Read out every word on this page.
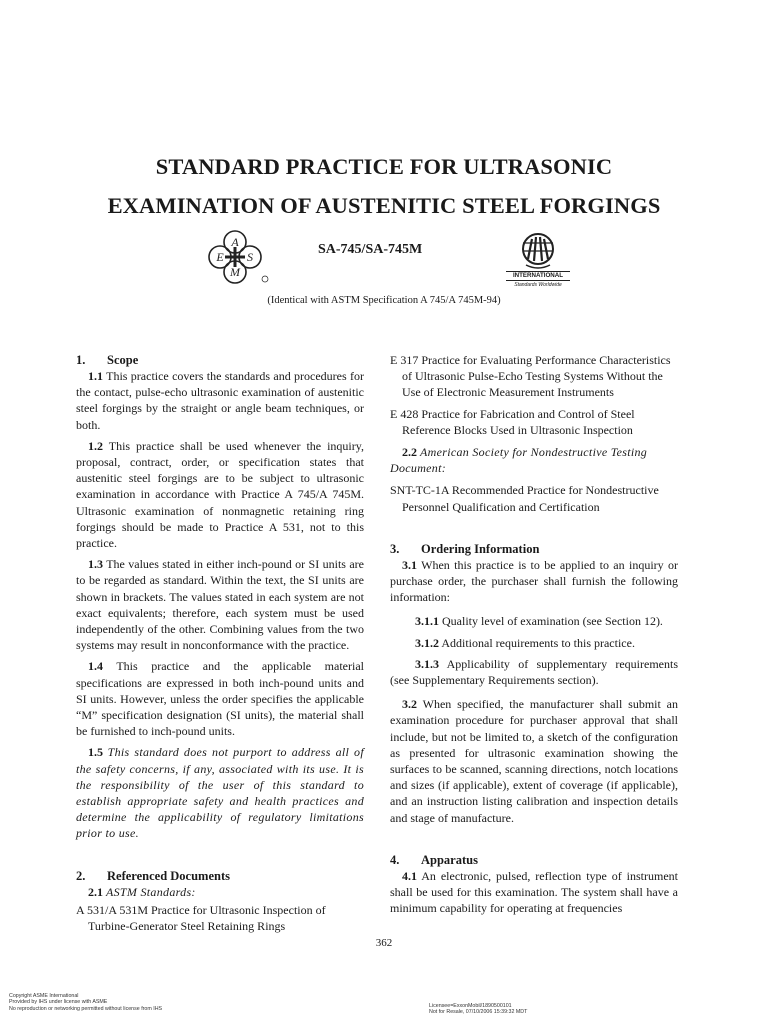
STANDARD PRACTICE FOR ULTRASONIC
EXAMINATION OF AUSTENITIC STEEL FORGINGS
A
S
M
E	SA-745/SA-745M
INTERNATIONAL
Standards Worldwide
(Identical with ASTM Specification A 745/A 745M-94)

1. Scope

1.1 This practice covers the standards and procedures for the contact, pulse-echo ultrasonic examination of austenitic steel forgings by the straight or angle beam techniques, or both.

1.2 This practice shall be used whenever the inquiry, proposal, contract, order, or specification states that austenitic steel forgings are to be subject to ultrasonic examination in accordance with Practice A 745/A 745M. Ultrasonic examination of nonmagnetic retaining ring forgings should be made to Practice A 531, not to this practice.

1.3 The values stated in either inch-pound or SI units are to be regarded as standard. Within the text, the SI units are shown in brackets. The values stated in each system are not exact equivalents; therefore, each system must be used independently of the other. Combining values from the two systems may result in nonconformance with the practice.

1.4 This practice and the applicable material specifications are expressed in both inch-pound units and SI units. However, unless the order specifies the applicable “M” specification designation (SI units), the material shall be furnished to inch-pound units.

1.5 This standard does not purport to address all of the safety concerns, if any, associated with its use. It is the responsibility of the user of this standard to establish appropriate safety and health practices and determine the applicability of regulatory limitations prior to use.

2. Referenced Documents

2.1 ASTM Standards:

A 531/A 531M Practice for Ultrasonic Inspection of Turbine-Generator Steel Retaining Rings

E 317 Practice for Evaluating Performance Characteristics of Ultrasonic Pulse-Echo Testing Systems Without the Use of Electronic Measurement Instruments

E 428 Practice for Fabrication and Control of Steel Reference Blocks Used in Ultrasonic Inspection

2.2 American Society for Nondestructive Testing Document:

SNT-TC-1A Recommended Practice for Nondestructive Personnel Qualification and Certification

3. Ordering Information

3.1 When this practice is to be applied to an inquiry or purchase order, the purchaser shall furnish the following information:

3.1.1 Quality level of examination (see Section 12).

3.1.2 Additional requirements to this practice.

3.1.3 Applicability of supplementary requirements (see Supplementary Requirements section).

3.2 When specified, the manufacturer shall submit an examination procedure for purchaser approval that shall include, but not be limited to, a sketch of the configuration as presented for ultrasonic examination showing the surfaces to be scanned, scanning directions, notch locations and sizes (if applicable), extent of coverage (if applicable), and an instruction listing calibration and inspection details and stage of manufacture.

4. Apparatus

4.1 An electronic, pulsed, reflection type of instrument shall be used for this examination. The system shall have a minimum capability for operating at frequencies

362
Copyright ASME International
Provided by IHS under license with ASME
No reproduction or networking permitted without license from IHS	Licensee=ExxonMobil/1890500101
Not for Resale, 07/10/2006 15:39:32 MDT
